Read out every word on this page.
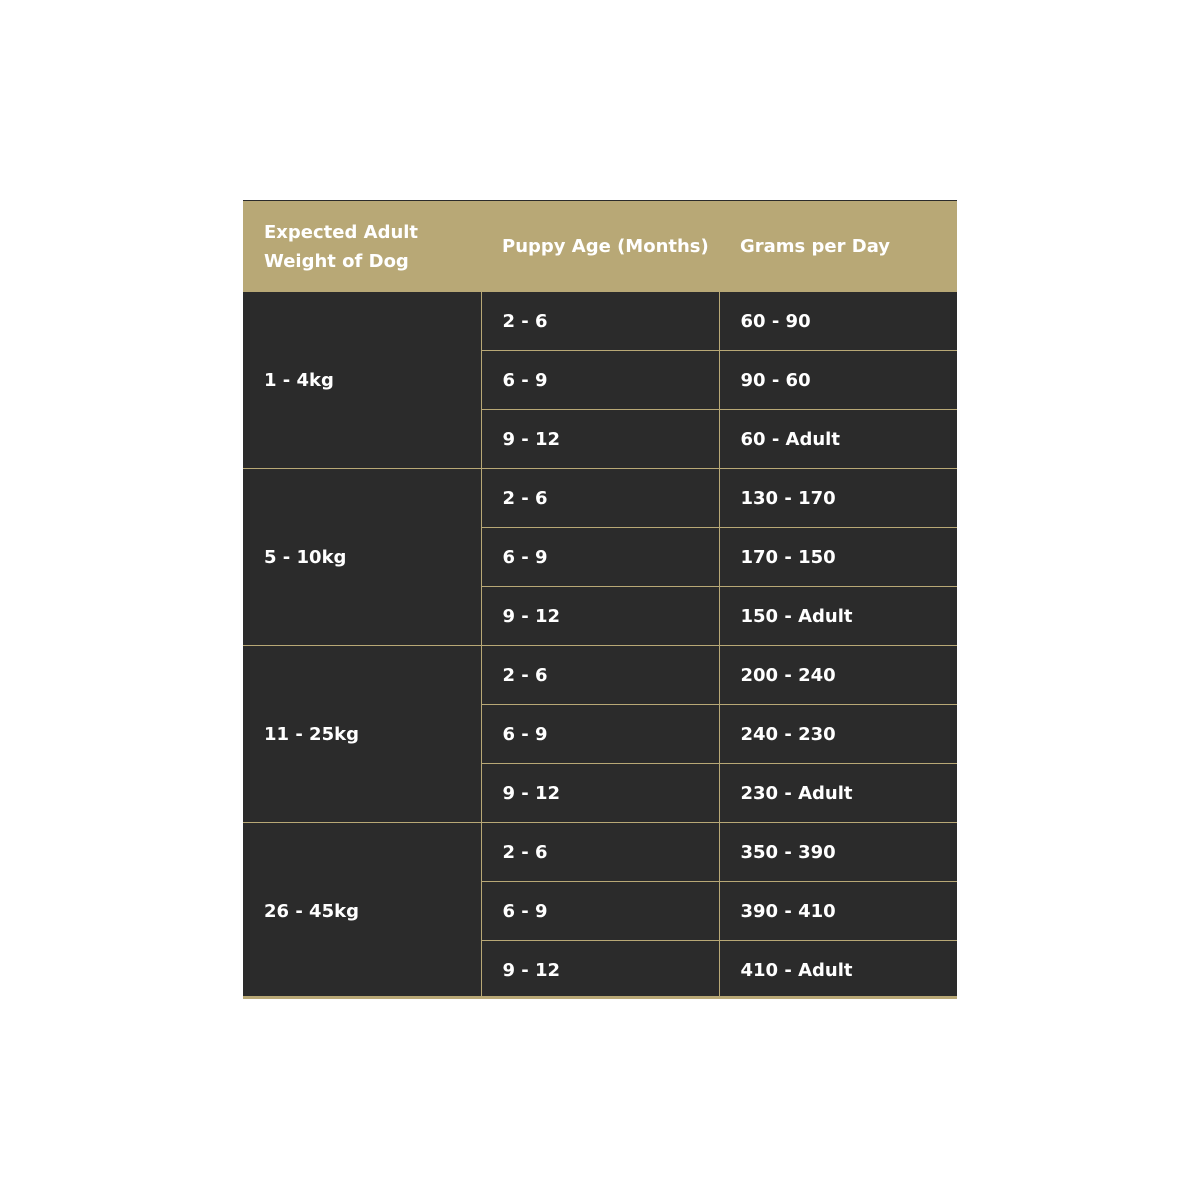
Expected Adult
Weight of Dog	Puppy Age (Months)	Grams per Day
1 - 4kg	2 - 6	60 - 90
	6 - 9	90 - 60
	9 - 12	60 - Adult
5 - 10kg	2 - 6	130 - 170
	6 - 9	170 - 150
	9 - 12	150 - Adult
11 - 25kg	2 - 6	200 - 240
	6 - 9	240 - 230
	9 - 12	230 - Adult
26 - 45kg	2 - 6	350 - 390
	6 - 9	390 - 410
	9 - 12	410 - Adult
